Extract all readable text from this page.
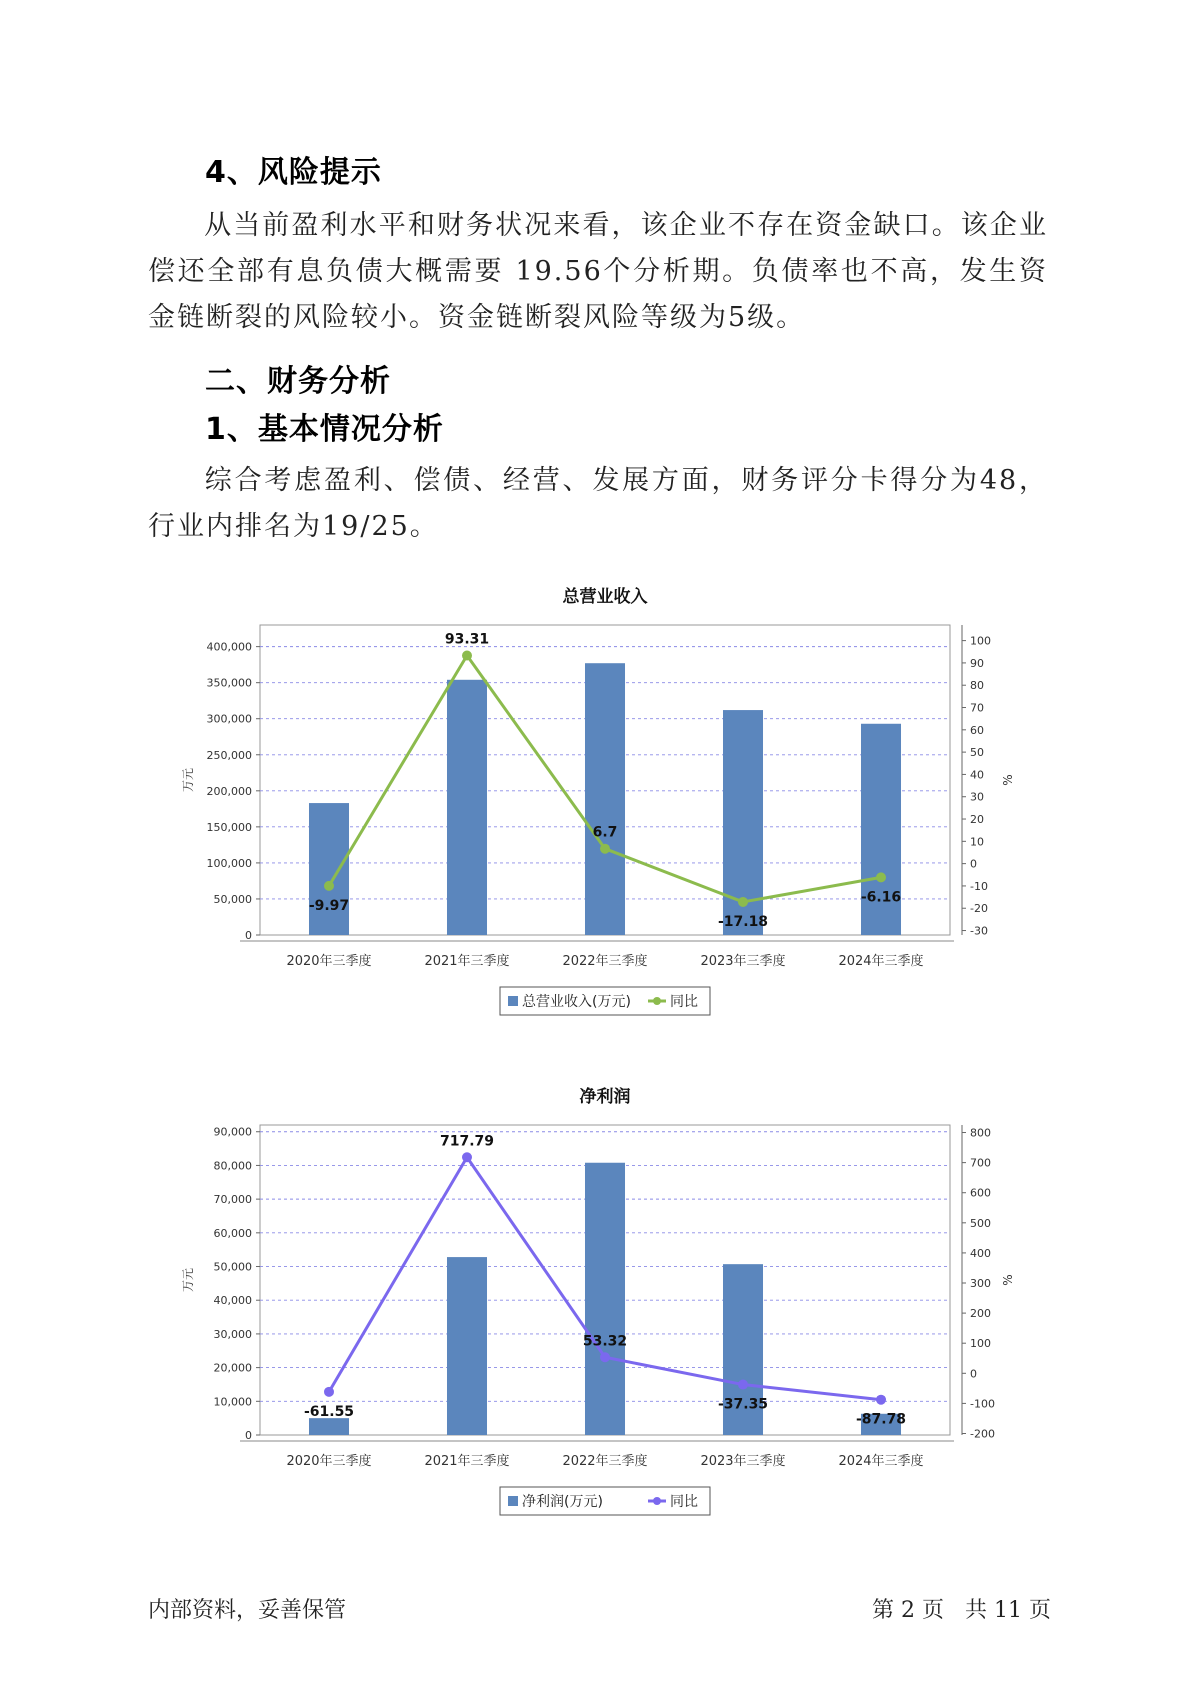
4、风险提示
从当前盈利水平和财务状况来看，该企业不存在资金缺口。该企业偿还全部有息负债大概需要 19.56个分析期。负债率也不高，发生资金链断裂的风险较小。资金链断裂风险等级为5级。
二、财务分析
1、基本情况分析
综合考虑盈利、偿债、经营、发展方面，财务评分卡得分为48，行业内排名为19/25。
总营业收入
0
50,000
100,000
150,000
200,000
250,000
300,000
350,000
400,000
-30
-20
-10
0
10
20
30
40
50
60
70
80
90
100
万元	%
2020年三季度	2021年三季度	2022年三季度	2023年三季度	2024年三季度
-9.97
93.31
6.7
-17.18
-6.16
总营业收入(万元)	同比
净利润
0
10,000
20,000
30,000
40,000
50,000
60,000
70,000
80,000
90,000
-200
-100
0
100
200
300
400
500
600
700
800
万元	%
2020年三季度	2021年三季度	2022年三季度	2023年三季度	2024年三季度
-61.55
717.79
53.32
-37.35
-87.78
净利润(万元)	同比
内部资料，妥善保管	第 2 页   共 11 页
